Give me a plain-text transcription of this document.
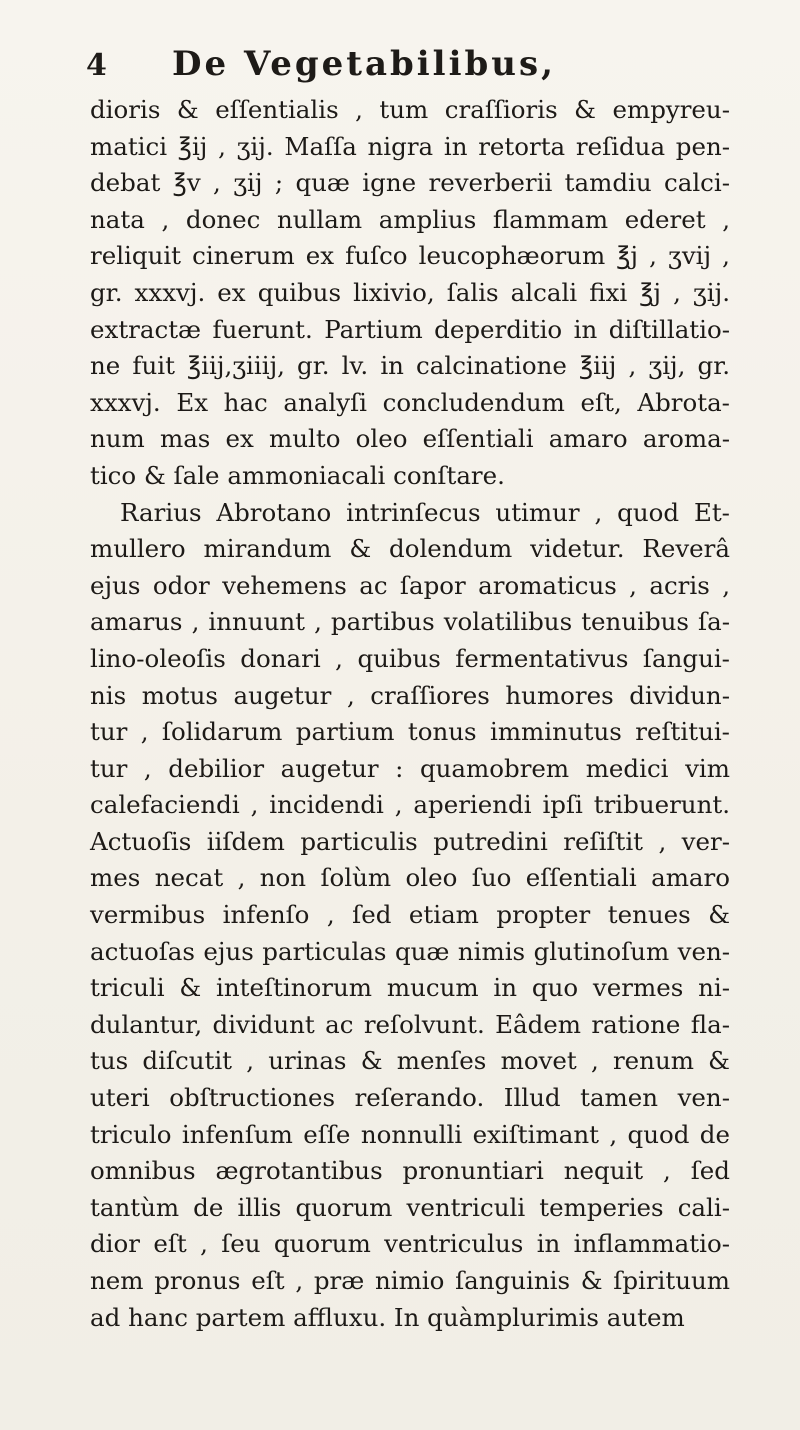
4 De Vegetabilibus,
dioris & eſſentialis , tum craſſioris & empyreu-
matici ℥ij , ʒij. Maſſa nigra in retorta reſidua pen-
debat ℥v , ʒij ; quæ igne reverberii tamdiu calci-
nata , donec nullam amplius flammam ederet ,
reliquit cinerum ex fuſco leucophæorum ℥j , ʒvij ,
gr. xxxvj. ex quibus lixivio, ſalis alcali fixi ℥j , ʒij.
extractæ fuerunt. Partium deperditio in diſtillatio-
ne fuit ℥iij,ʒiiij, gr. lv. in calcinatione ℥iij , ʒij, gr.
xxxvj. Ex hac analyſi concludendum eſt, Abrota-
num mas ex multo oleo eſſentiali amaro aroma-
tico & ſale ammoniacali conſtare.
Rarius Abrotano intrinſecus utimur , quod Et-
mullero mirandum & dolendum videtur. Reverâ
ejus odor vehemens ac ſapor aromaticus , acris ,
amarus , innuunt , partibus volatilibus tenuibus ſa-
lino-oleoſis donari , quibus fermentativus ſangui-
nis motus augetur , craſſiores humores dividun-
tur , ſolidarum partium tonus imminutus reſtitui-
tur , debilior augetur : quamobrem medici vim
calefaciendi , incidendi , aperiendi ipſi tribuerunt.
Actuoſis iiſdem particulis putredini reſiſtit , ver-
mes necat , non ſolùm oleo ſuo eſſentiali amaro
vermibus infenſo , ſed etiam propter tenues &
actuoſas ejus particulas quæ nimis glutinoſum ven-
triculi & inteſtinorum mucum in quo vermes ni-
dulantur, dividunt ac reſolvunt. Eâdem ratione fla-
tus diſcutit , urinas & menſes movet , renum &
uteri obſtructiones reſerando. Illud tamen ven-
triculo infenſum eſſe nonnulli exiſtimant , quod de
omnibus ægrotantibus pronuntiari nequit , ſed
tantùm de illis quorum ventriculi temperies cali-
dior eſt , ſeu quorum ventriculus in inflammatio-
nem pronus eſt , præ nimio ſanguinis & ſpirituum
ad hanc partem affluxu. In quàmplurimis autem
